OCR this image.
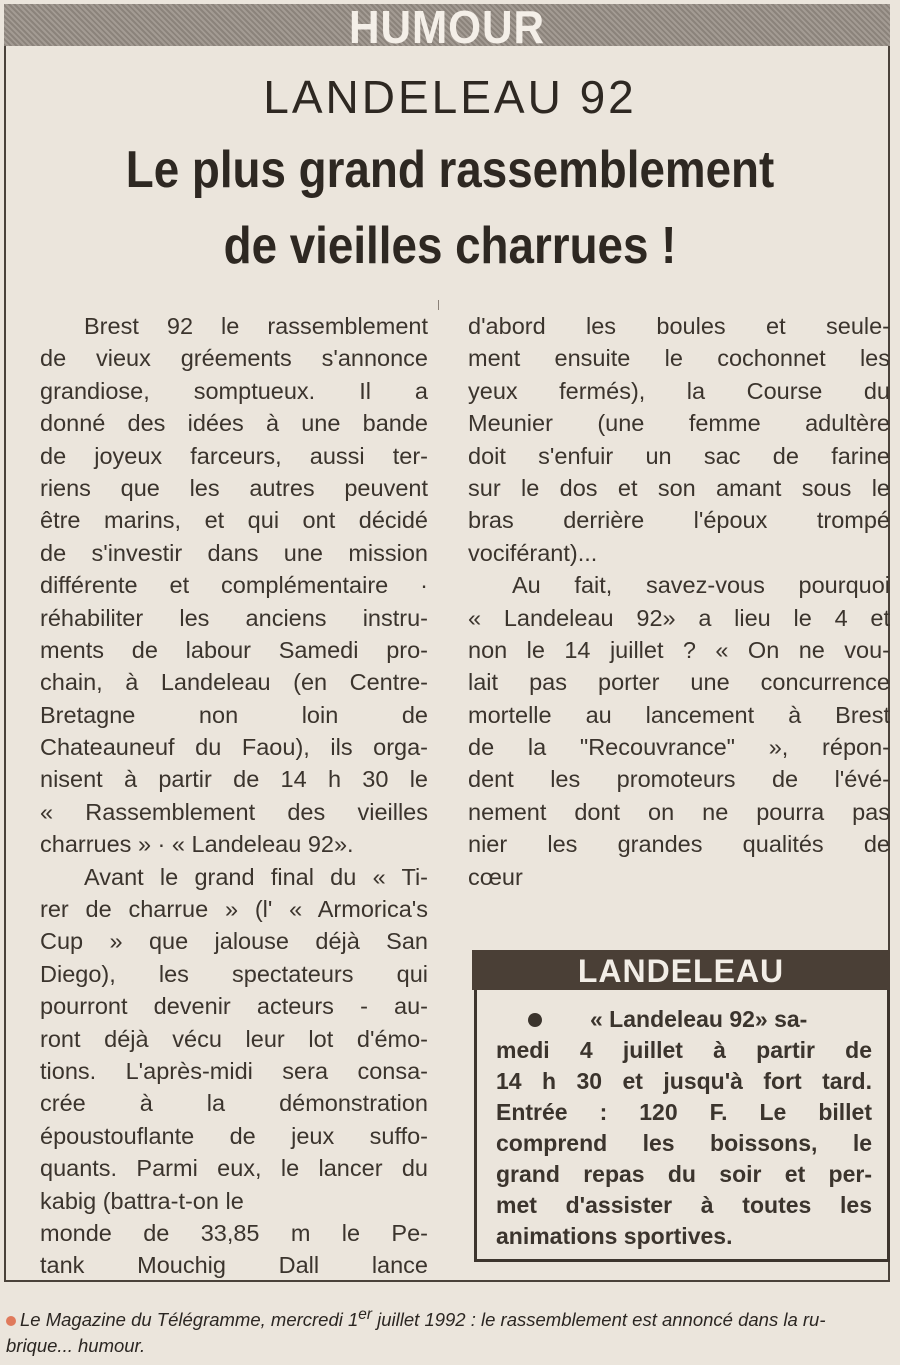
HUMOUR
LANDELEAU 92
Le plus grand rassemblement
de vieilles charrues !
Brest 92 le rassemblement
de vieux gréements s'annonce
grandiose, somptueux. Il a
donné des idées à une bande
de joyeux farceurs, aussi ter-
riens que les autres peuvent
être marins, et qui ont décidé
de s'investir dans une mission
différente et complémentaire ·
réhabiliter les anciens instru-
ments de labour Samedi pro-
chain, à Landeleau (en Centre-
Bretagne non loin de
Chateauneuf du Faou), ils orga-
nisent à partir de 14 h 30 le
« Rassemblement des vieilles
charrues » · « Landeleau 92».
Avant le grand final du « Ti-
rer de charrue » (l' « Armorica's
Cup » que jalouse déjà San
Diego), les spectateurs qui
pourront devenir acteurs - au-
ront déjà vécu leur lot d'émo-
tions. L'après-midi sera consa-
crée à la démonstration
époustouflante de jeux suffo-
quants. Parmi eux, le lancer du
kabig (battra-t-on le
monde de 33,85 m le Pe-
tank Mouchig Dall lance
d'abord les boules et seule-
ment ensuite le cochonnet les
yeux fermés), la Course du
Meunier (une femme adultère
doit s'enfuir un sac de farine
sur le dos et son amant sous le
bras derrière l'époux trompé
vociférant)...
Au fait, savez-vous pourquoi
« Landeleau 92» a lieu le 4 et
non le 14 juillet ? « On ne vou-
lait pas porter une concurrence
mortelle au lancement à Brest
de la "Recouvrance" », répon-
dent les promoteurs de l'évé-
nement dont on ne pourra pas
nier les grandes qualités de
cœur
LANDELEAU
« Landeleau 92» sa-
medi 4 juillet à partir de
14 h 30 et jusqu'à fort tard.
Entrée : 120 F. Le billet
comprend les boissons, le
grand repas du soir et per-
met d'assister à toutes les
animations sportives.
Le Magazine du Télégramme, mercredi 1er juillet 1992 : le rassemblement est annoncé dans la ru-brique... humour.
